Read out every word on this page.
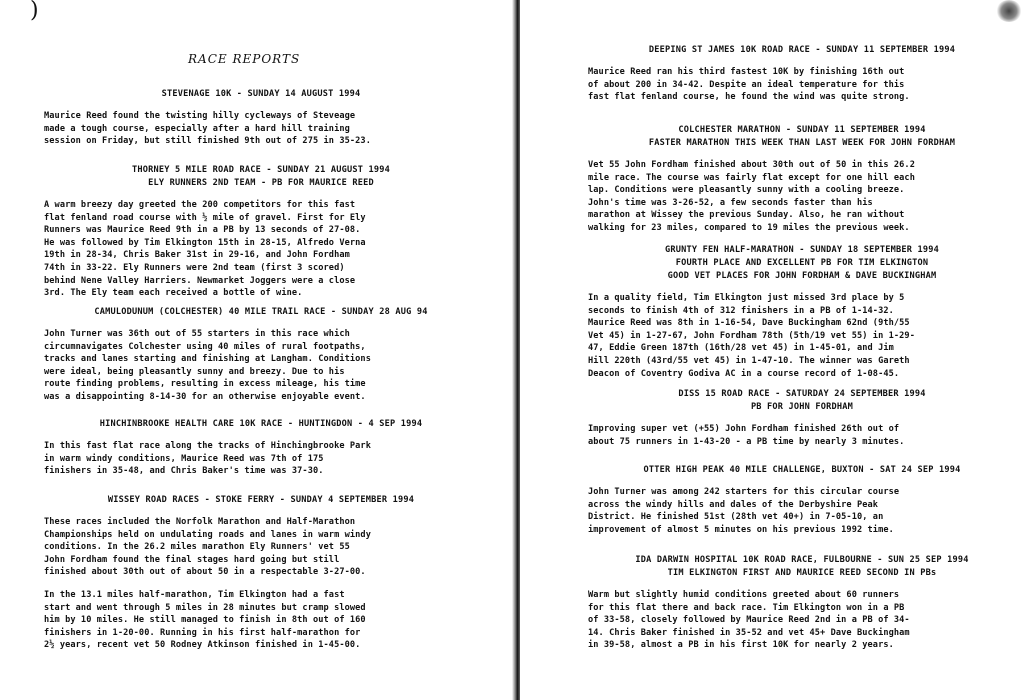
)
RACE REPORTS
STEVENAGE 10K - SUNDAY 14 AUGUST 1994
Maurice Reed found the twisting hilly cycleways of Steveage
made a tough course, especially after a hard hill training
session on Friday, but still finished 9th out of 275 in 35-23.
THORNEY 5 MILE ROAD RACE - SUNDAY 21 AUGUST 1994
ELY RUNNERS 2ND TEAM - PB FOR MAURICE REED
A warm breezy day greeted the 200 competitors for this fast
flat fenland road course with ½ mile of gravel. First for Ely
Runners was Maurice Reed 9th in a PB by 13 seconds of 27-08.
He was followed by Tim Elkington 15th in 28-15, Alfredo Verna
19th in 28-34, Chris Baker 31st in 29-16, and John Fordham
74th in 33-22. Ely Runners were 2nd team (first 3 scored)
behind Nene Valley Harriers. Newmarket Joggers were a close
3rd. The Ely team each received a bottle of wine.
CAMULODUNUM (COLCHESTER) 40 MILE TRAIL RACE - SUNDAY 28 AUG 94
John Turner was 36th out of 55 starters in this race which
circumnavigates Colchester using 40 miles of rural footpaths,
tracks and lanes starting and finishing at Langham. Conditions
were ideal, being pleasantly sunny and breezy. Due to his
route finding problems, resulting in excess mileage, his time
was a disappointing 8-14-30 for an otherwise enjoyable event.
HINCHINBROOKE HEALTH CARE 10K RACE - HUNTINGDON - 4 SEP 1994
In this fast flat race along the tracks of Hinchingbrooke Park
in warm windy conditions, Maurice Reed was 7th of 175
finishers in 35-48, and Chris Baker's time was 37-30.
WISSEY ROAD RACES - STOKE FERRY - SUNDAY 4 SEPTEMBER 1994
These races included the Norfolk Marathon and Half-Marathon
Championships held on undulating roads and lanes in warm windy
conditions. In the 26.2 miles marathon Ely Runners' vet 55
John Fordham found the final stages hard going but still
finished about 30th out of about 50 in a respectable 3-27-00.
In the 13.1 miles half-marathon, Tim Elkington had a fast
start and went through 5 miles in 28 minutes but cramp slowed
him by 10 miles. He still managed to finish in 8th out of 160
finishers in 1-20-00. Running in his first half-marathon for
2½ years, recent vet 50 Rodney Atkinson finished in 1-45-00.
DEEPING ST JAMES 10K ROAD RACE - SUNDAY 11 SEPTEMBER 1994
Maurice Reed ran his third fastest 10K by finishing 16th out
of about 200 in 34-42. Despite an ideal temperature for this
fast flat fenland course, he found the wind was quite strong.
COLCHESTER MARATHON - SUNDAY 11 SEPTEMBER 1994
FASTER MARATHON THIS WEEK THAN LAST WEEK FOR JOHN FORDHAM
Vet 55 John Fordham finished about 30th out of 50 in this 26.2
mile race. The course was fairly flat except for one hill each
lap. Conditions were pleasantly sunny with a cooling breeze.
John's time was 3-26-52, a few seconds faster than his
marathon at Wissey the previous Sunday. Also, he ran without
walking for 23 miles, compared to 19 miles the previous week.
GRUNTY FEN HALF-MARATHON - SUNDAY 18 SEPTEMBER 1994
FOURTH PLACE AND EXCELLENT PB FOR TIM ELKINGTON
GOOD VET PLACES FOR JOHN FORDHAM & DAVE BUCKINGHAM
In a quality field, Tim Elkington just missed 3rd place by 5
seconds to finish 4th of 312 finishers in a PB of 1-14-32.
Maurice Reed was 8th in 1-16-54, Dave Buckingham 62nd (9th/55
Vet 45) in 1-27-67, John Fordham 78th (5th/19 vet 55) in 1-29-
47, Eddie Green 187th (16th/28 vet 45) in 1-45-01, and Jim
Hill 220th (43rd/55 vet 45) in 1-47-10. The winner was Gareth
Deacon of Coventry Godiva AC in a course record of 1-08-45.
DISS 15 ROAD RACE - SATURDAY 24 SEPTEMBER 1994
PB FOR JOHN FORDHAM
Improving super vet (+55) John Fordham finished 26th out of
about 75 runners in 1-43-20 - a PB time by nearly 3 minutes.
OTTER HIGH PEAK 40 MILE CHALLENGE, BUXTON - SAT 24 SEP 1994
John Turner was among 242 starters for this circular course
across the windy hills and dales of the Derbyshire Peak
District. He finished 51st (28th vet 40+) in 7-05-10, an
improvement of almost 5 minutes on his previous 1992 time.
IDA DARWIN HOSPITAL 10K ROAD RACE, FULBOURNE - SUN 25 SEP 1994
TIM ELKINGTON FIRST AND MAURICE REED SECOND IN PBs
Warm but slightly humid conditions greeted about 60 runners
for this flat there and back race. Tim Elkington won in a PB
of 33-58, closely followed by Maurice Reed 2nd in a PB of 34-
14. Chris Baker finished in 35-52 and vet 45+ Dave Buckingham
in 39-58, almost a PB in his first 10K for nearly 2 years.
